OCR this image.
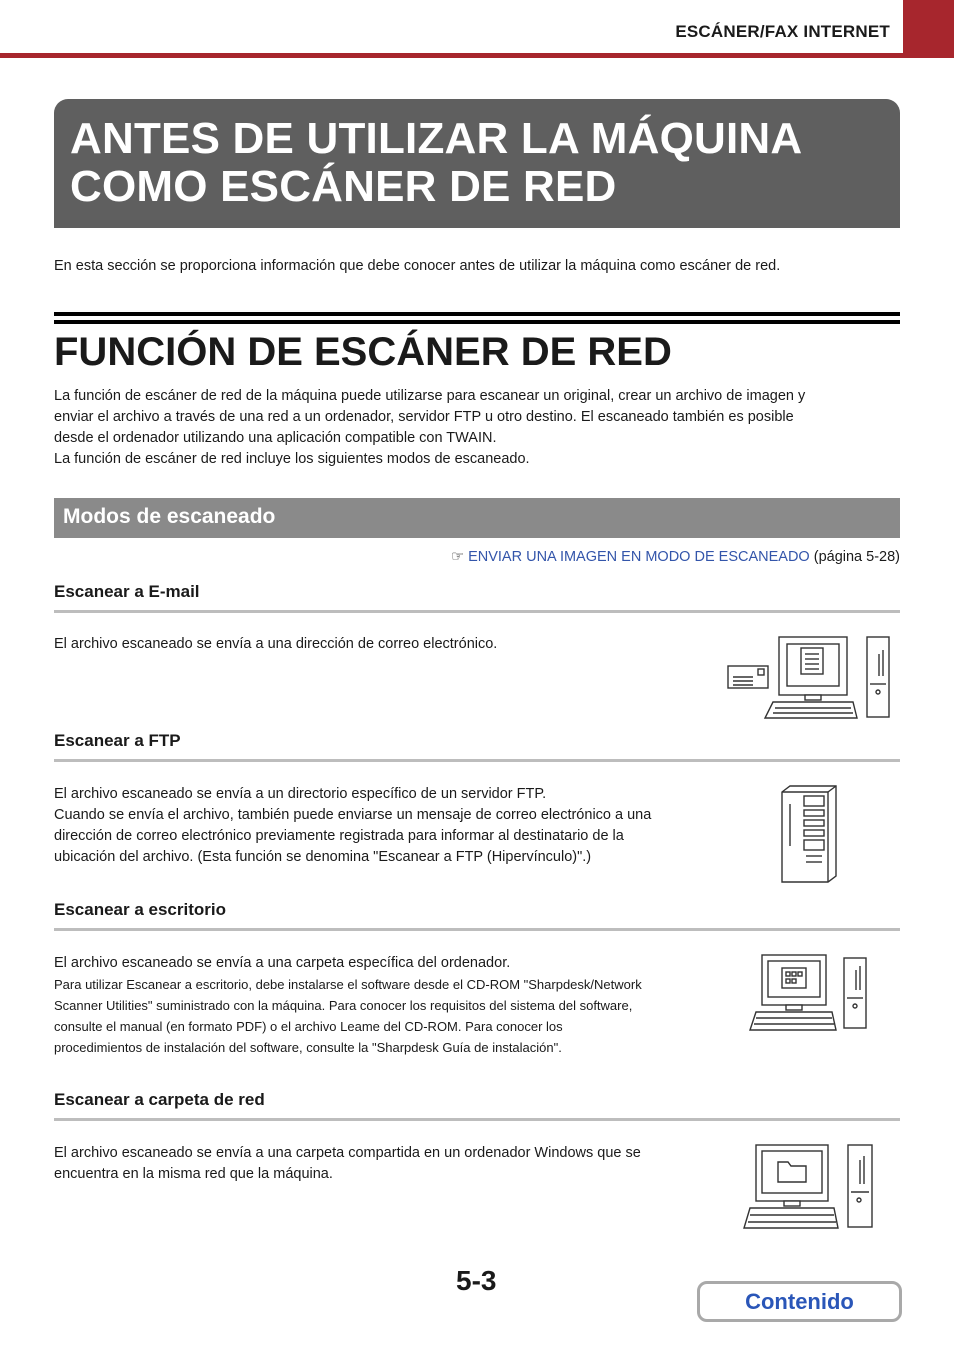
ESCÁNER/FAX INTERNET
ANTES DE UTILIZAR LA MÁQUINA
COMO ESCÁNER DE RED
En esta sección se proporciona información que debe conocer antes de utilizar la máquina como escáner de red.
FUNCIÓN DE ESCÁNER DE RED
La función de escáner de red de la máquina puede utilizarse para escanear un original, crear un archivo de imagen y
enviar el archivo a través de una red a un ordenador, servidor FTP u otro destino. El escaneado también es posible
desde el ordenador utilizando una aplicación compatible con TWAIN.
La función de escáner de red incluye los siguientes modos de escaneado.
Modos de escaneado
☞ ENVIAR UNA IMAGEN EN MODO DE ESCANEADO (página 5-28)
Escanear a E-mail
El archivo escaneado se envía a una dirección de correo electrónico.
Escanear a FTP
El archivo escaneado se envía a un directorio específico de un servidor FTP.
Cuando se envía el archivo, también puede enviarse un mensaje de correo electrónico a una
dirección de correo electrónico previamente registrada para informar al destinatario de la
ubicación del archivo. (Esta función se denomina "Escanear a FTP (Hipervínculo)".)
Escanear a escritorio
El archivo escaneado se envía a una carpeta específica del ordenador.
Para utilizar Escanear a escritorio, debe instalarse el software desde el CD-ROM "Sharpdesk/Network
Scanner Utilities" suministrado con la máquina. Para conocer los requisitos del sistema del software,
consulte el manual (en formato PDF) o el archivo Leame del CD-ROM. Para conocer los
procedimientos de instalación del software, consulte la "Sharpdesk Guía de instalación".
Escanear a carpeta de red
El archivo escaneado se envía a una carpeta compartida en un ordenador Windows que se
encuentra en la misma red que la máquina.
5-3
Contenido
